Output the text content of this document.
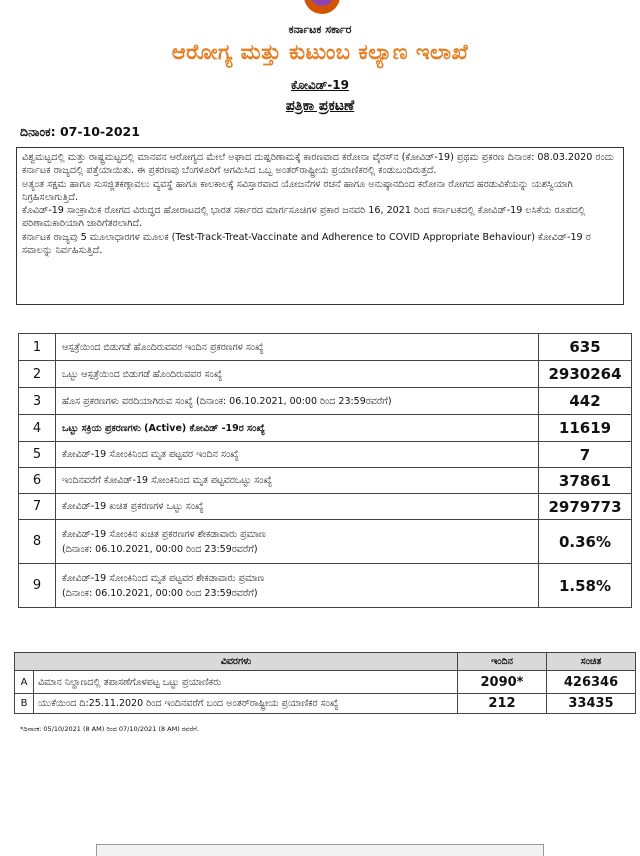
ಕರ್ನಾಟಕ ಸರ್ಕಾರ
ಆರೋಗ್ಯ ಮತ್ತು ಕುಟುಂಬ ಕಲ್ಯಾಣ ಇಲಾಖೆ
ಕೋವಿಡ್-19
ಪತ್ರಿಕಾ ಪ್ರಕಟಣೆ
ದಿನಾಂಕ: 07-10-2021

ವಿಶ್ವಮಟ್ಟದಲ್ಲಿ ಮತ್ತು ರಾಷ್ಟ್ರಮಟ್ಟದಲ್ಲಿ ಮಾನವನ ಆರೋಗ್ಯದ ಮೇಲೆ ಅಘಾದ ದುಷ್ಪರಿಣಾಮಕ್ಕೆ ಕಾರಣವಾದ ಕರೋನಾ ವೈರಸ್‌ನ (ಕೋವಿಡ್-19) ಪ್ರಥಮ ಪ್ರಕರಣ ದಿನಾಂಕ: 08.03.2020 ರಂದು ಕರ್ನಾಟಕ ರಾಜ್ಯದಲ್ಲಿ ಪತ್ತೆಯಾಯಿತು. ಈ ಪ್ರಕರಣವು ಬೆಂಗಳೂರಿಗೆ ಆಗಮಿಸಿದ ಒಬ್ಬ ಅಂತರ್‌ರಾಷ್ಟ್ರೀಯ ಪ್ರಯಾಣಿಕರಲ್ಲಿ ಕಂಡುಬಂದಿರುತ್ತದೆ.

ಅತ್ಯಂತ ಸಕ್ಷಮ ಹಾಗೂ ಸುಸಜ್ಜಿತಕಣ್ಗಾವಲು ವ್ಯವಸ್ಥೆ ಹಾಗೂ ಕಾಲಕಾಲಕ್ಕೆ ಸವಿಸ್ತಾರವಾದ ಯೋಜನೆಗಳ ರಚನೆ ಹಾಗೂ ಅನುಷ್ಠಾನದಿಂದ ಕರೋನಾ ರೋಗದ ಹರಡುವಿಕೆಯನ್ನು ಯಶಸ್ವಿಯಾಗಿ ನಿಗ್ರಹಿಸಲಾಗುತ್ತಿದೆ.

ಕೊವಿಡ್-19 ಸಾಂಕ್ರಾಮಿಕ ರೋಗದ ವಿರುದ್ಧದ ಹೋರಾಟದಲ್ಲಿ ಭಾರತ ಸರ್ಕಾರದ ಮಾರ್ಗಸೂಚಿಗಳ ಪ್ರಕಾರ ಜನವರಿ 16, 2021 ರಿಂದ ಕರ್ನಾಟಕದಲ್ಲಿ ಕೋವಿಡ್-19 ಲಸಿಕೆಯ ರೂಪದಲ್ಲಿ ಪರಿಣಾಮಕಾರಿಯಾಗಿ ಜಾರಿಗೆತರಲಾಗಿದೆ.

ಕರ್ನಾಟಕ ರಾಜ್ಯವು 5 ಮೂಲಾಧಾರಗಳ ಮೂಲಕ (Test-Track-Treat-Vaccinate and Adherence to COVID Appropriate Behaviour) ಕೋವಿಡ್-19 ರ ಸವಾಲನ್ನು ನಿರ್ವಹಿಸುತ್ತಿದೆ.

1	ಆಸ್ಪತ್ರೆಯಿಂದ ಬಿಡುಗಡೆ ಹೊಂದಿರುವವರ ಇಂದಿನ ಪ್ರಕರಣಗಳ ಸಂಖ್ಯೆ	635
2	ಒಟ್ಟು ಆಸ್ಪತ್ರೆಯಿಂದ ಬಿಡುಗಡೆ ಹೊಂದಿರುವವರ ಸಂಖ್ಯೆ	2930264
3	ಹೊಸ ಪ್ರಕರಣಗಳು ವರದಿಯಾಗಿರುವ ಸಂಖ್ಯೆ (ದಿನಾಂಕ: 06.10.2021, 00:00 ರಿಂದ 23:59ರವರೆಗೆ)	442
4	ಒಟ್ಟು ಸಕ್ರಿಯ ಪ್ರಕರಣಗಳು (Active) ಕೋವಿಡ್ -19ರ ಸಂಖ್ಯೆ	11619
5	ಕೋವಿಡ್-19 ಸೋಂಕಿನಿಂದ ಮೃತ ಪಟ್ಟವರ ಇಂದಿನ ಸಂಖ್ಯೆ	7
6	ಇಂದಿನವರೆಗೆ ಕೋವಿಡ್-19 ಸೋಂಕಿನಿಂದ ಮೃತ ಪಟ್ಟವರಒಟ್ಟು ಸಂಖ್ಯೆ	37861
7	ಕೋವಿಡ್-19 ಖಚಿತ ಪ್ರಕರಣಗಳ ಒಟ್ಟು ಸಂಖ್ಯೆ	2979773
8	ಕೋವಿಡ್-19 ಸೋಂಕಿನ ಖಚಿತ ಪ್ರಕರಣಗಳ ಶೇಕಡಾವಾರು ಪ್ರಮಾಣ
(ದಿನಾಂಕ: 06.10.2021, 00:00 ರಿಂದ 23:59ರವರೆಗೆ)	0.36%
9	ಕೋವಿಡ್-19 ಸೋಂಕಿನಿಂದ ಮೃತ ಪಟ್ಟವರ ಶೇಕಡಾವಾರು ಪ್ರಮಾಣ
(ದಿನಾಂಕ: 06.10.2021, 00:00 ರಿಂದ 23:59ರವರೆಗೆ)	1.58%
ವಿವರಗಳು		ಇಂದಿನ	ಸಂಚಿತ
A	ವಿಮಾನ ನಿಲ್ದಾಣದಲ್ಲಿ ತಪಾಸಣೆಗೊಳಪಟ್ಟ ಒಟ್ಟು ಪ್ರಯಾಣಿಕರು	2090*	426346
B	ಯುಕೆಯಿಂದ ದಿ:25.11.2020 ರಿಂದ ಇಂದಿನವರೆಗೆ ಬಂದ ಅಂತರ್‌ರಾಷ್ಟ್ರೀಯ ಪ್ರಯಾಣಿಕರ ಸಂಖ್ಯೆ	212	33435
*ದಿನಾಂಕ: 05/10/2021 (8 AM) ರಿಂದ 07/10/2021 (8 AM) ರವರೆಗೆ.
